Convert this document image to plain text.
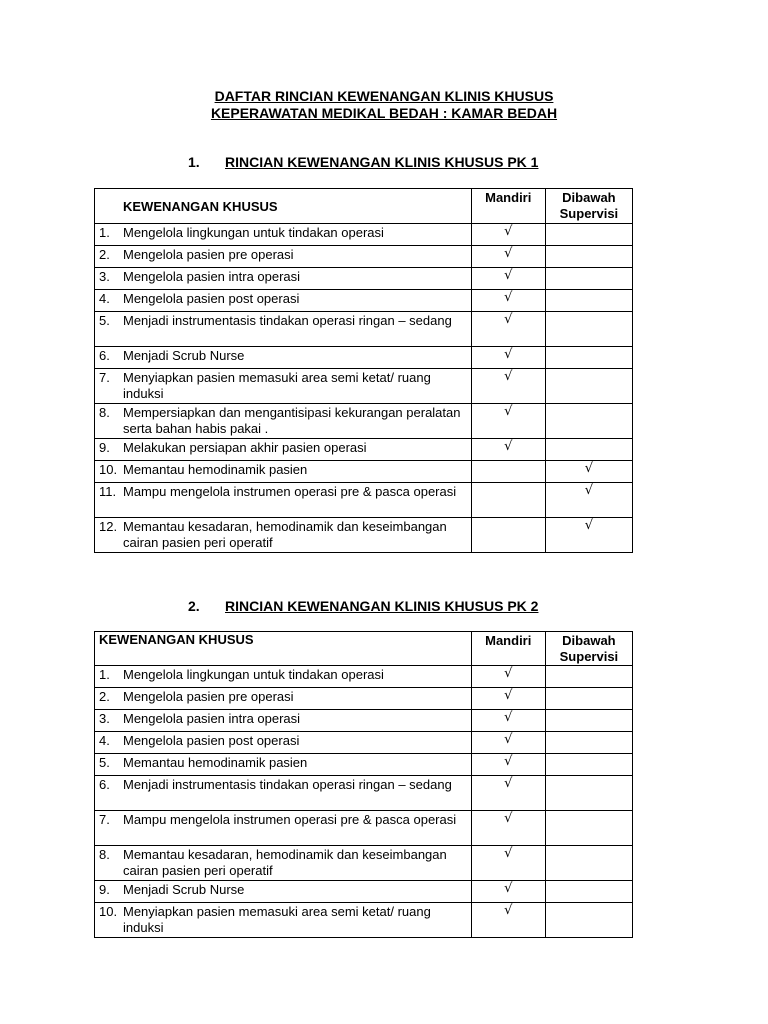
DAFTAR RINCIAN KEWENANGAN KLINIS KHUSUS
KEPERAWATAN MEDIKAL BEDAH : KAMAR BEDAH
1. RINCIAN KEWENANGAN KLINIS KHUSUS PK 1
KEWENANGAN KHUSUS	Mandiri	Dibawah
Supervisi

1. Mengelola lingkungan untuk tindakan operasi	√	

2. Mengelola pasien pre operasi	√	

3. Mengelola pasien intra operasi	√	

4. Mengelola pasien post operasi	√	

5. Menjadi instrumentasis tindakan operasi ringan – sedang	√	

6. Menjadi Scrub Nurse	√	

7. Menyiapkan pasien memasuki area semi ketat/ ruang induksi	√	

8. Mempersiapkan dan mengantisipasi kekurangan peralatan serta bahan habis pakai .	√	

9. Melakukan persiapan akhir pasien operasi	√	

10. Memantau hemodinamik pasien		√

11. Mampu mengelola instrumen operasi pre & pasca operasi		√

12. Memantau kesadaran, hemodinamik dan keseimbangan cairan pasien peri operatif		√
2. RINCIAN KEWENANGAN KLINIS KHUSUS PK 2
KEWENANGAN KHUSUS	Mandiri	Dibawah
Supervisi

1. Mengelola lingkungan untuk tindakan operasi	√	

2. Mengelola pasien pre operasi	√	

3. Mengelola pasien intra operasi	√	

4. Mengelola pasien post operasi	√	

5. Memantau hemodinamik pasien	√	

6. Menjadi instrumentasis tindakan operasi ringan – sedang	√	

7. Mampu mengelola instrumen operasi pre & pasca operasi	√	

8. Memantau kesadaran, hemodinamik dan keseimbangan cairan pasien peri operatif	√	

9. Menjadi Scrub Nurse	√	

10. Menyiapkan pasien memasuki area semi ketat/ ruang induksi	√	
